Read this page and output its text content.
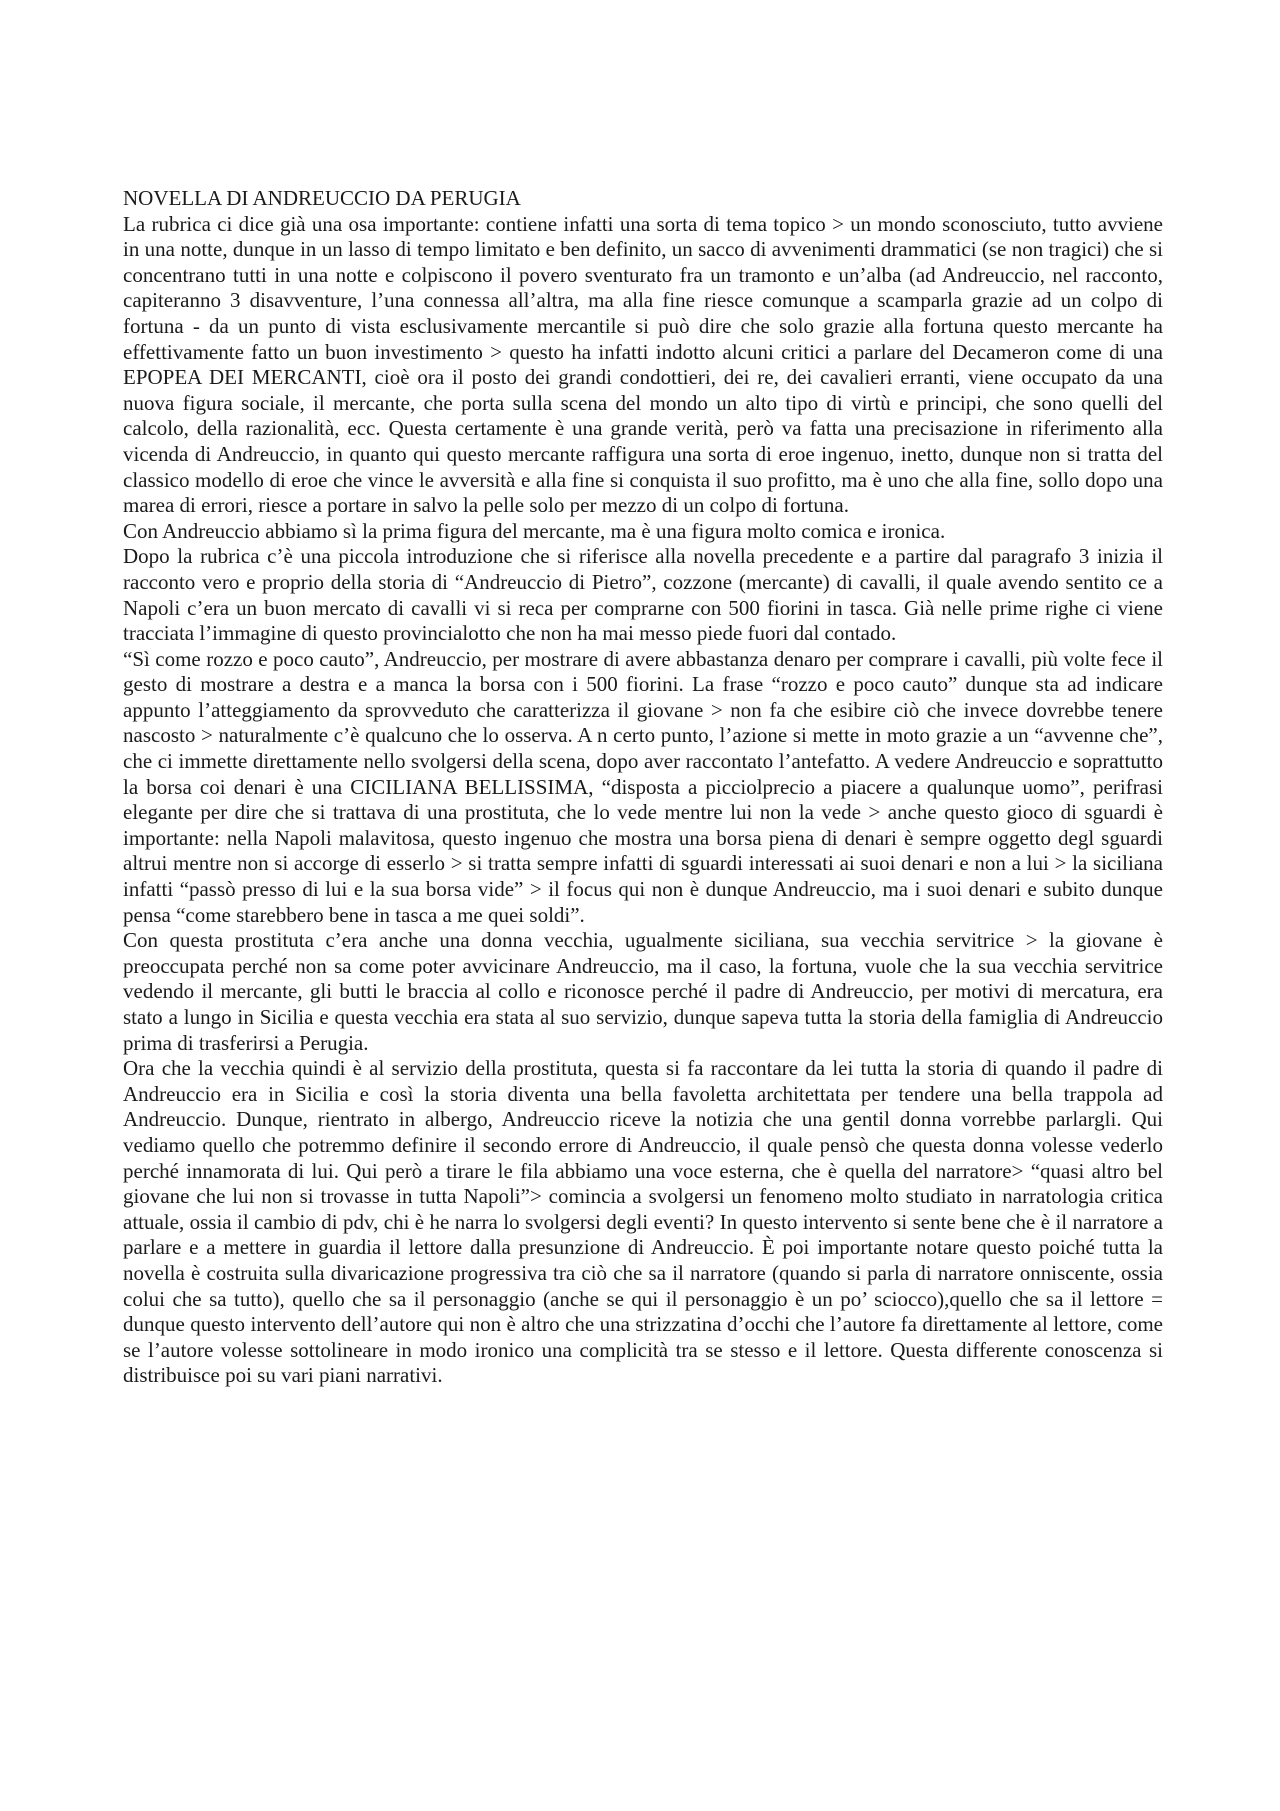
NOVELLA DI ANDREUCCIO DA PERUGIA

La rubrica ci dice già una osa importante: contiene infatti una sorta di tema topico > un mondo sconosciuto, tutto avviene in una notte, dunque in un lasso di tempo limitato e ben definito, un sacco di avvenimenti drammatici (se non tragici) che si concentrano tutti in una notte e colpiscono il povero sventurato fra un tramonto e un’alba (ad Andreuccio, nel racconto, capiteranno 3 disavventure, l’una connessa all’altra, ma alla fine riesce comunque a scamparla grazie ad un colpo di fortuna - da un punto di vista esclusivamente mercantile si può dire che solo grazie alla fortuna questo mercante ha effettivamente fatto un buon investimento > questo ha infatti indotto alcuni critici a parlare del Decameron come di una EPOPEA DEI MERCANTI, cioè ora il posto dei grandi condottieri, dei re, dei cavalieri erranti, viene occupato da una nuova figura sociale, il mercante, che porta sulla scena del mondo un alto tipo di virtù e principi, che sono quelli del calcolo, della razionalità, ecc. Questa certamente è una grande verità, però va fatta una precisazione in riferimento alla vicenda di Andreuccio, in quanto qui questo mercante raffigura una sorta di eroe ingenuo, inetto, dunque non si tratta del classico modello di eroe che vince le avversità e alla fine si conquista il suo profitto, ma è uno che alla fine, sollo dopo una marea di errori, riesce a portare in salvo la pelle solo per mezzo di un colpo di fortuna.

Con Andreuccio abbiamo sì la prima figura del mercante, ma è una figura molto comica e ironica.

Dopo la rubrica c’è una piccola introduzione che si riferisce alla novella precedente e a partire dal paragrafo 3 inizia il racconto vero e proprio della storia di “Andreuccio di Pietro”, cozzone (mercante) di cavalli, il quale avendo sentito ce a Napoli c’era un buon mercato di cavalli vi si reca per comprarne con 500 fiorini in tasca. Già nelle prime righe ci viene tracciata l’immagine di questo provincialotto che non ha mai messo piede fuori dal contado.

“Sì come rozzo e poco cauto”, Andreuccio, per mostrare di avere abbastanza denaro per comprare i cavalli, più volte fece il gesto di mostrare a destra e a manca la borsa con i 500 fiorini. La frase “rozzo e poco cauto” dunque sta ad indicare appunto l’atteggiamento da sprovveduto che caratterizza il giovane > non fa che esibire ciò che invece dovrebbe tenere nascosto > naturalmente c’è qualcuno che lo osserva. A n certo punto, l’azione si mette in moto grazie a un “avvenne che”, che ci immette direttamente nello svolgersi della scena, dopo aver raccontato l’antefatto. A vedere Andreuccio e soprattutto la borsa coi denari è una CICILIANA BELLISSIMA, “disposta a picciolprecio a piacere a qualunque uomo”, perifrasi elegante per dire che si trattava di una prostituta, che lo vede mentre lui non la vede > anche questo gioco di sguardi è importante: nella Napoli malavitosa, questo ingenuo che mostra una borsa piena di denari è sempre oggetto degl sguardi altrui mentre non si accorge di esserlo > si tratta sempre infatti di sguardi interessati ai suoi denari e non a lui > la siciliana infatti “passò presso di lui e la sua borsa vide” > il focus qui non è dunque Andreuccio, ma i suoi denari e subito dunque pensa “come starebbero bene in tasca a me quei soldi”.

Con questa prostituta c’era anche una donna vecchia, ugualmente siciliana, sua vecchia servitrice > la giovane è preoccupata perché non sa come poter avvicinare Andreuccio, ma il caso, la fortuna, vuole che la sua vecchia servitrice vedendo il mercante, gli butti le braccia al collo e riconosce perché il padre di Andreuccio, per motivi di mercatura, era stato a lungo in Sicilia e questa vecchia era stata al suo servizio, dunque sapeva tutta la storia della famiglia di Andreuccio prima di trasferirsi a Perugia.

Ora che la vecchia quindi è al servizio della prostituta, questa si fa raccontare da lei tutta la storia di quando il padre di Andreuccio era in Sicilia e così la storia diventa una bella favoletta architettata per tendere una bella trappola ad Andreuccio. Dunque, rientrato in albergo, Andreuccio riceve la notizia che una gentil donna vorrebbe parlargli. Qui vediamo quello che potremmo definire il secondo errore di Andreuccio, il quale pensò che questa donna volesse vederlo perché innamorata di lui. Qui però a tirare le fila abbiamo una voce esterna, che è quella del narratore> “quasi altro bel giovane che lui non si trovasse in tutta Napoli”> comincia a svolgersi un fenomeno molto studiato in narratologia critica attuale, ossia il cambio di pdv, chi è he narra lo svolgersi degli eventi? In questo intervento si sente bene che è il narratore a parlare e a mettere in guardia il lettore dalla presunzione di Andreuccio. È poi importante notare questo poiché tutta la novella è costruita sulla divaricazione progressiva tra ciò che sa il narratore (quando si parla di narratore onniscente, ossia colui che sa tutto), quello che sa il personaggio (anche se qui il personaggio è un po’ sciocco),quello che sa il lettore = dunque questo intervento dell’autore qui non è altro che una strizzatina d’occhi che l’autore fa direttamente al lettore, come se l’autore volesse sottolineare in modo ironico una complicità tra se stesso e il lettore. Questa differente conoscenza si distribuisce poi su vari piani narrativi.
